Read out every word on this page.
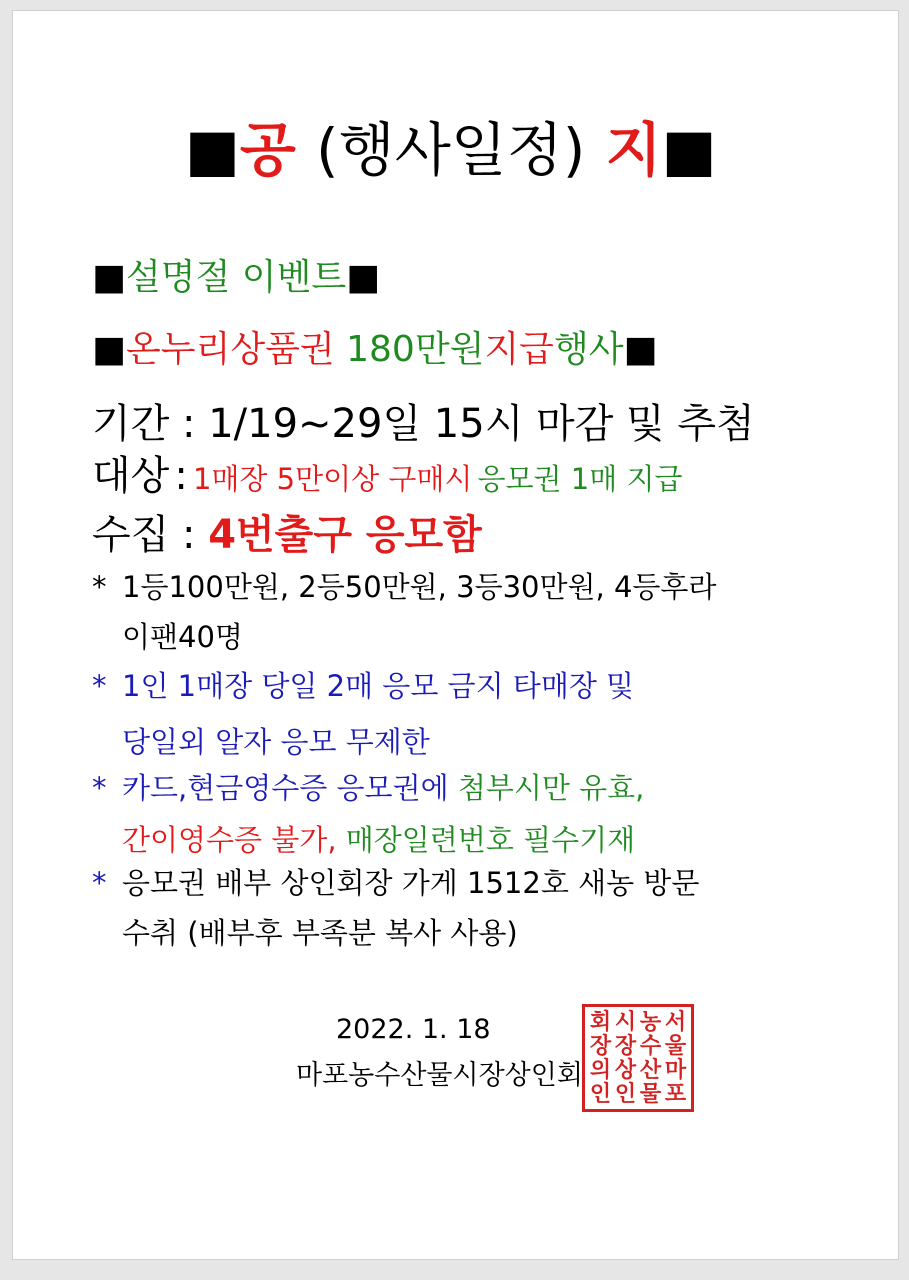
■공 (행사일정) 지■
■설명절 이벤트■
■온누리상품권 180만원지급행사■
기간 : 1/19~29일 15시 마감 및 추첨
대상 : 1매장 5만이상 구매시 응모권 1매 지급
수집 : 4번출구 응모함
* 1등100만원, 2등50만원, 3등30만원, 4등후라
이팬40명
* 1인 1매장 당일 2매 응모 금지 타매장 및
당일외 알자 응모 무제한
* 카드,현금영수증 응모권에 첨부시만 유효,
간이영수증 불가, 매장일련번호 필수기재
* 응모권 배부 상인회장 가게 1512호 새농 방문
수취 (배부후 부족분 복사 사용)
2022. 1. 18
마포농수산물시장상인회
회 시 농 서
장 장 수 울
의 상 산 마
인 인 물 포
